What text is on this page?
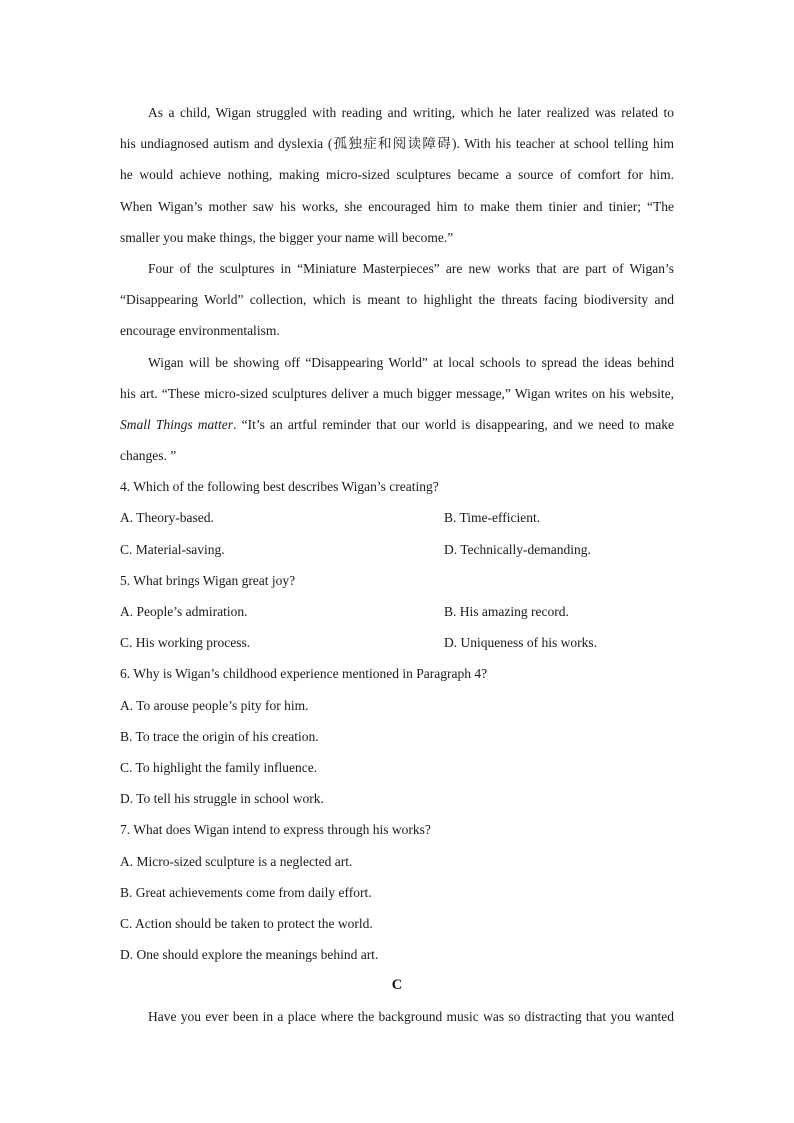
As a child, Wigan struggled with reading and writing, which he later realized was related to
his undiagnosed autism and dyslexia (孤独症和阅读障碍). With his teacher at school telling him
he would achieve nothing, making micro-sized sculptures became a source of comfort for him.
When Wigan’s mother saw his works, she encouraged him to make them tinier and tinier; “The
smaller you make things, the bigger your name will become.”
Four of the sculptures in “Miniature Masterpieces” are new works that are part of Wigan’s
“Disappearing World” collection, which is meant to highlight the threats facing biodiversity and
encourage environmentalism.
Wigan will be showing off “Disappearing World” at local schools to spread the ideas behind
his art. “These micro-sized sculptures deliver a much bigger message,” Wigan writes on his website,
Small Things matter. “It’s an artful reminder that our world is disappearing, and we need to make
changes. ”
4. Which of the following best describes Wigan’s creating?
A. Theory-based.	B. Time-efficient.
C. Material-saving.	D. Technically-demanding.
5. What brings Wigan great joy?
A. People’s admiration.	B. His amazing record.
C. His working process.	D. Uniqueness of his works.
6. Why is Wigan’s childhood experience mentioned in Paragraph 4?
A. To arouse people’s pity for him.
B. To trace the origin of his creation.
C. To highlight the family influence.
D. To tell his struggle in school work.
7. What does Wigan intend to express through his works?
A. Micro-sized sculpture is a neglected art.
B. Great achievements come from daily effort.
C. Action should be taken to protect the world.
D. One should explore the meanings behind art.
C
Have you ever been in a place where the background music was so distracting that you wanted
